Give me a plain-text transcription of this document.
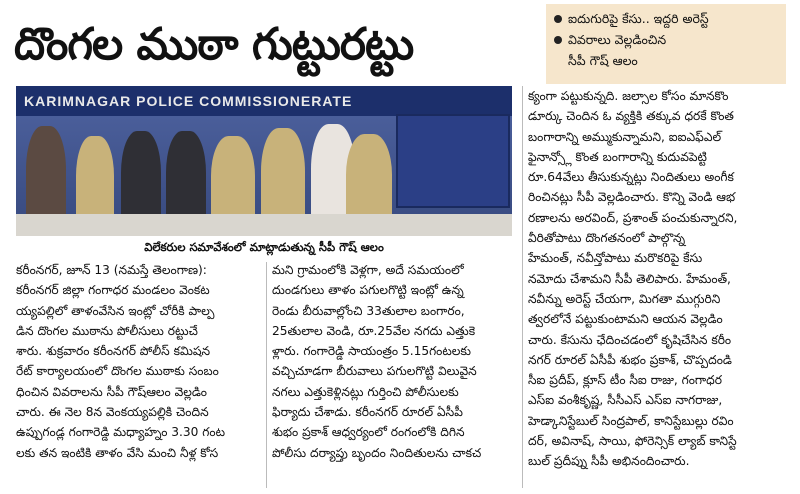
దొంగల ముఠా గుట్టురట్టు
ఐదుగురిపై కేసు.. ఇద్దరి అరెస్ట్
వివరాలు వెల్లడించిన
సీపీ గౌష్ ఆలం
KARIMNAGAR POLICE COMMISSIONERATE
విలేకరుల సమావేశంలో మాట్లాడుతున్న సీపీ గౌష్ ఆలం
కరీంనగర్, జూన్ 13 (నమస్తే తెలంగాణ):
కరీంనగర్ జిల్లా గంగాధర మండలం వెంకట
య్యపల్లిలో తాళంవేసిన ఇంట్లో చోరీకి పాల్ప
డిన దొంగల ముఠాను పోలీసులు రట్టుచే
శారు. శుక్రవారం కరీంనగర్ పోలీస్ కమిషన
రేట్ కార్యాలయంలో దొంగల ముఠాకు సంబం
ధించిన వివరాలను సీపీ గౌష్ఆలం వెల్లడిం
చారు. ఈ నెల 8న వెంకయ్యపల్లికి చెందిన
ఉప్పుగండ్ల గంగారెడ్డి మధ్యాహ్నం 3.30 గంట
లకు తన ఇంటికి తాళం వేసి మంచి నీళ్ల కోస
మని గ్రామంలోకి వెళ్లగా, అదే సమయంలో
దుండగులు తాళం పగులగొట్టి ఇంట్లో ఉన్న
రెండు బీరువాల్లోంచి 33తులాల బంగారం,
25తులాల వెండి, రూ.25వేల నగదు ఎత్తుకె
ళ్లారు. గంగారెడ్డి సాయంత్రం 5.15గంటలకు
వచ్చిచూడగా బీరువాలు పగులగొట్టి విలువైన
నగలు ఎత్తుకెళ్లినట్లు గుర్తించి పోలీసులకు
ఫిర్యాదు చేశాడు. కరీంనగర్ రూరల్ ఏసీపీ
శుభం ప్రకాశ్ ఆధ్వర్యంలో రంగంలోకి దిగిన
పోలీసు దర్యాప్తు బృందం నిందితులను చాకచ
క్యంగా పట్టుకున్నది. జల్సాల కోసం మానకొం
డూర్కు చెందిన ఓ వ్యక్తికి తక్కువ ధరకే కొంత
బంగారాన్ని అమ్ముకున్నామని, ఐఐఎఫ్ఎల్
ఫైనాన్స్లో కొంత బంగారాన్ని కుదువపెట్టి
రూ.64వేలు తీసుకున్నట్లు నిందితులు అంగీక
రించినట్లు సీపీ వెల్లడించారు. కొన్ని వెండి ఆభ
రణాలను అరవింద్, ప్రశాంత్ పంచుకున్నారని,
వీరితోపాటు దొంగతనంలో పాల్గొన్న
హేమంత్, నవీన్తోపాటు మరొకరిపై కేసు
నమోదు చేశామని సీపీ తెలిపారు. హేమంత్,
నవీన్ను అరెస్ట్ చేయగా, మిగతా ముగ్గురిని
త్వరలోనే పట్టుకుంటామని ఆయన వెల్లడిం
చారు. కేసును ఛేదించడంలో కృషిచేసిన కరీం
నగర్ రూరల్ ఏసీపీ శుభం ప్రకాశ్, చొప్పదండి
సీఐ ప్రదీప్, క్లూస్ టీం సీఐ రాజు, గంగాధర
ఎస్ఐ వంశీకృష్ణ, సీసీఎస్ ఎస్ఐ నాగరాజు,
హెడ్కానిస్టేబుల్ సింద్రపాల్, కానిస్టేబుల్లు రవిం
దర్, అవినాష్, సాయి, ఫోరెన్సిక్ ల్యాబ్ కానిస్టే
బుల్ ప్రదీప్ను సీపీ అభినందించారు.
